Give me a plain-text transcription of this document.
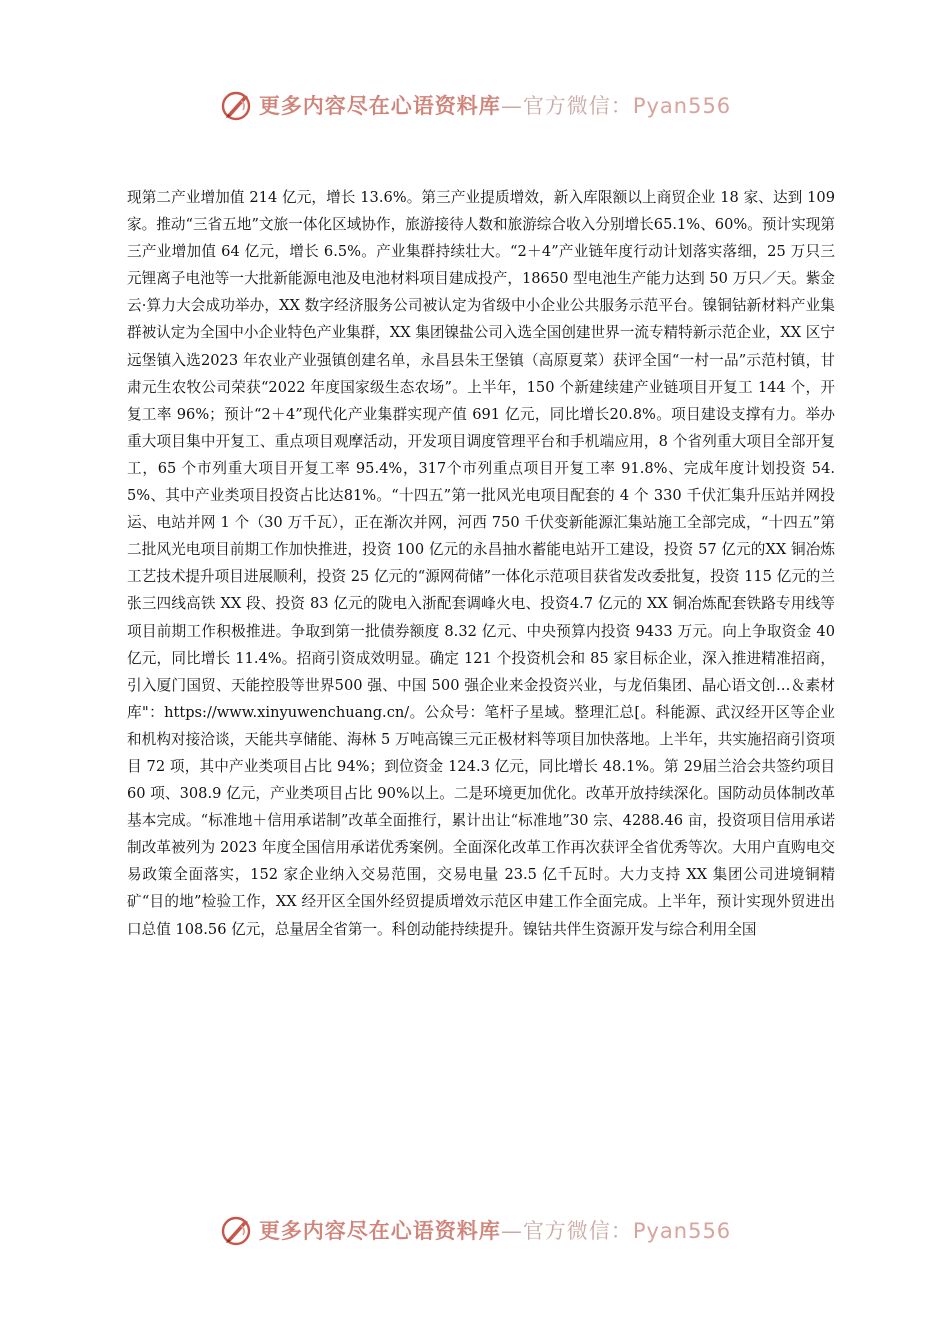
更多内容尽在心语资料库—官方微信：Pyan556

现第二产业增加值 214 亿元，增长 13.6%。第三产业提质增效，新入库限额以上商贸企业 18 家、达到 109 家。推动“三省五地”文旅一体化区域协作，旅游接待人数和旅游综合收入分别增长65.1%、60%。预计实现第三产业增加值 64 亿元，增长 6.5%。产业集群持续壮大。“2＋4”产业链年度行动计划落实落细，25 万只三元锂离子电池等一大批新能源电池及电池材料项目建成投产，18650 型电池生产能力达到 50 万只／天。紫金云·算力大会成功举办，XX 数字经济服务公司被认定为省级中小企业公共服务示范平台。镍铜钴新材料产业集群被认定为全国中小企业特色产业集群，XX 集团镍盐公司入选全国创建世界一流专精特新示范企业，XX 区宁远堡镇入选2023 年农业产业强镇创建名单，永昌县朱王堡镇（高原夏菜）获评全国“一村一品”示范村镇，甘肃元生农牧公司荣获“2022 年度国家级生态农场”。上半年，150 个新建续建产业链项目开复工 144 个，开复工率 96%；预计“2＋4”现代化产业集群实现产值 691 亿元，同比增长20.8%。项目建设支撑有力。举办重大项目集中开复工、重点项目观摩活动，开发项目调度管理平台和手机端应用，8 个省列重大项目全部开复工，65 个市列重大项目开复工率 95.4%，317个市列重点项目开复工率 91.8%、完成年度计划投资 54.5%、其中产业类项目投资占比达81%。“十四五”第一批风光电项目配套的 4 个 330 千伏汇集升压站并网投运、电站并网 1 个（30 万千瓦），正在渐次并网，河西 750 千伏变新能源汇集站施工全部完成，“十四五”第二批风光电项目前期工作加快推进，投资 100 亿元的永昌抽水蓄能电站开工建设，投资 57 亿元的XX 铜冶炼工艺技术提升项目进展顺利，投资 25 亿元的“源网荷储”一体化示范项目获省发改委批复，投资 115 亿元的兰张三四线高铁 XX 段、投资 83 亿元的陇电入浙配套调峰火电、投资4.7 亿元的 XX 铜冶炼配套铁路专用线等项目前期工作积极推进。争取到第一批债券额度 8.32 亿元、中央预算内投资 9433 万元。向上争取资金 40 亿元，同比增长 11.4%。招商引资成效明显。确定 121 个投资机会和 85 家目标企业，深入推进精准招商，引入厦门国贸、天能控股等世界500 强、中国 500 强企业来金投资兴业，与龙佰集团、晶心语文创…＆素材库"：https://www.xinyuwenchuang.cn/。公众号：笔杆子星域。整理汇总[。科能源、武汉经开区等企业和机构对接洽谈，天能共享储能、海林 5 万吨高镍三元正极材料等项目加快落地。上半年，共实施招商引资项目 72 项，其中产业类项目占比 94%；到位资金 124.3 亿元，同比增长 48.1%。第 29届兰洽会共签约项目 60 项、308.9 亿元，产业类项目占比 90%以上。二是环境更加优化。改革开放持续深化。国防动员体制改革基本完成。“标准地＋信用承诺制”改革全面推行，累计出让“标准地”30 宗、4288.46 亩，投资项目信用承诺制改革被列为 2023 年度全国信用承诺优秀案例。全面深化改革工作再次获评全省优秀等次。大用户直购电交易政策全面落实，152 家企业纳入交易范围，交易电量 23.5 亿千瓦时。大力支持 XX 集团公司进境铜精矿“目的地”检验工作，XX 经开区全国外经贸提质增效示范区申建工作全面完成。上半年，预计实现外贸进出口总值 108.56 亿元，总量居全省第一。科创动能持续提升。镍钴共伴生资源开发与综合利用全国

更多内容尽在心语资料库—官方微信：Pyan556
